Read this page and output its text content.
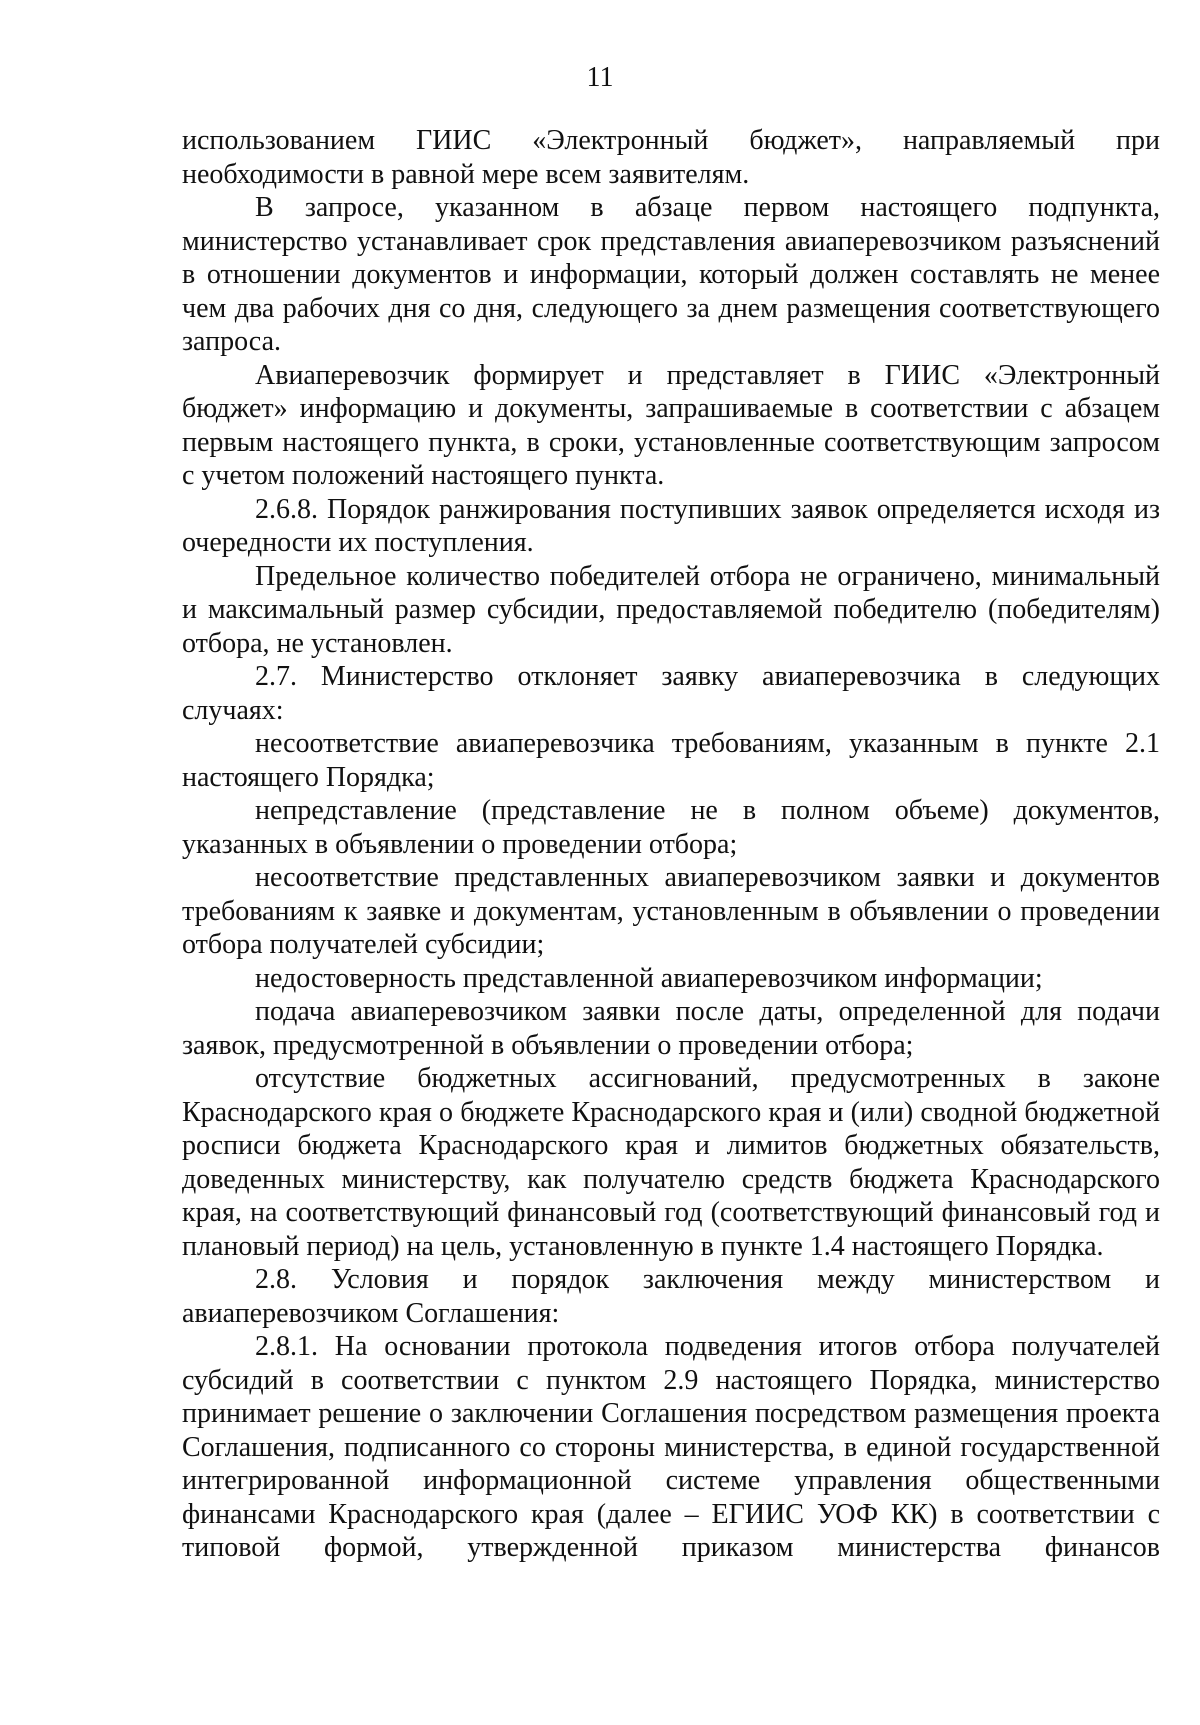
11

использованием ГИИС «Электронный бюджет», направляемый при необходимости в равной мере всем заявителям.

В запросе, указанном в абзаце первом настоящего подпункта, министерство устанавливает срок представления авиаперевозчиком разъяснений в отношении документов и информации, который должен составлять не менее чем два рабочих дня со дня, следующего за днем размещения соответствующего запроса.

Авиаперевозчик формирует и представляет в ГИИС «Электронный бюджет» информацию и документы, запрашиваемые в соответствии с абзацем первым настоящего пункта, в сроки, установленные соответствующим запросом с учетом положений настоящего пункта.

2.6.8. Порядок ранжирования поступивших заявок определяется исходя из очередности их поступления.

Предельное количество победителей отбора не ограничено, минимальный и максимальный размер субсидии, предоставляемой победителю (победителям) отбора, не установлен.

2.7. Министерство отклоняет заявку авиаперевозчика в следующих случаях:

несоответствие авиаперевозчика требованиям, указанным в пункте 2.1 настоящего Порядка;

непредставление (представление не в полном объеме) документов, указанных в объявлении о проведении отбора;

несоответствие представленных авиаперевозчиком заявки и документов требованиям к заявке и документам, установленным в объявлении о проведении отбора получателей субсидии;

недостоверность представленной авиаперевозчиком информации;

подача авиаперевозчиком заявки после даты, определенной для подачи заявок, предусмотренной в объявлении о проведении отбора;

отсутствие бюджетных ассигнований, предусмотренных в законе Краснодарского края о бюджете Краснодарского края и (или) сводной бюджетной росписи бюджета Краснодарского края и лимитов бюджетных обязательств, доведенных министерству, как получателю средств бюджета Краснодарского края, на соответствующий финансовый год (соответствующий финансовый год и плановый период) на цель, установленную в пункте 1.4 настоящего Порядка.

2.8. Условия и порядок заключения между министерством и авиаперевозчиком Соглашения:

2.8.1. На основании протокола подведения итогов отбора получателей субсидий в соответствии с пунктом 2.9 настоящего Порядка, министерство принимает решение о заключении Соглашения посредством размещения проекта Соглашения, подписанного со стороны министерства, в единой государственной интегрированной информационной системе управления общественными финансами Краснодарского края (далее – ЕГИИС УОФ КК) в соответствии с типовой формой, утвержденной приказом министерства финансов
